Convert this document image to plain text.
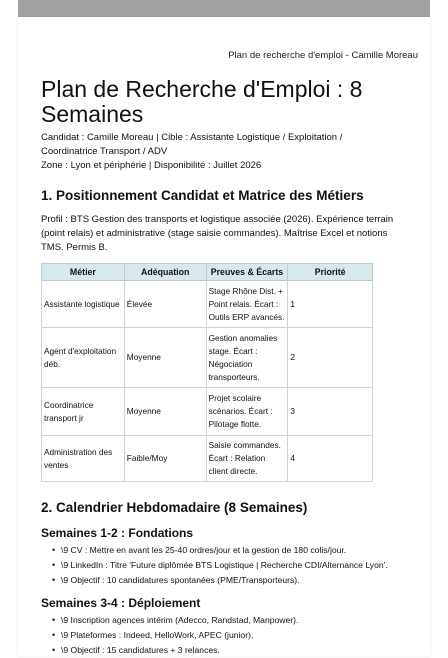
Plan de recherche d'emploi - Camille Moreau
Plan de Recherche d'Emploi : 8 Semaines

Candidat : Camille Moreau | Cible : Assistante Logistique / Exploitation / Coordinatrice Transport / ADV

Zone : Lyon et périphérie | Disponibilité : Juillet 2026

1. Positionnement Candidat et Matrice des Métiers

Profil : BTS Gestion des transports et logistique associée (2026). Expérience terrain (point relais) et administrative (stage saisie commandes). Maîtrise Excel et notions TMS. Permis B.

Métier	Adéquation	Preuves & Écarts	Priorité
Assistante logistique	Élevée	Stage Rhône Dist. + Point relais. Écart : Outils ERP avancés.	1
Agent d'exploitation déb.	Moyenne	Gestion anomalies stage. Écart : Négociation transporteurs.	2
Coordinatrice transport jr	Moyenne	Projet scolaire scénarios. Écart : Pilotage flotte.	3
Administration des ventes	Faible/Moy	Saisie commandes. Écart : Relation client directe.	4
2. Calendrier Hebdomadaire (8 Semaines)
Semaines 1-2 : Fondations
• \9 CV : Mettre en avant les 25-40 ordres/jour et la gestion de 180 colis/jour.
• \9 LinkedIn : Titre 'Future diplômée BTS Logistique | Recherche CDI/Alternance Lyon'.
• \9 Objectif : 10 candidatures spontanées (PME/Transporteurs).
Semaines 3-4 : Déploiement
• \9 Inscription agences intérim (Adecco, Randstad, Manpower).
• \9 Plateformes : Indeed, HelloWork, APEC (junior).
• \9 Objectif : 15 candidatures + 3 relances.
